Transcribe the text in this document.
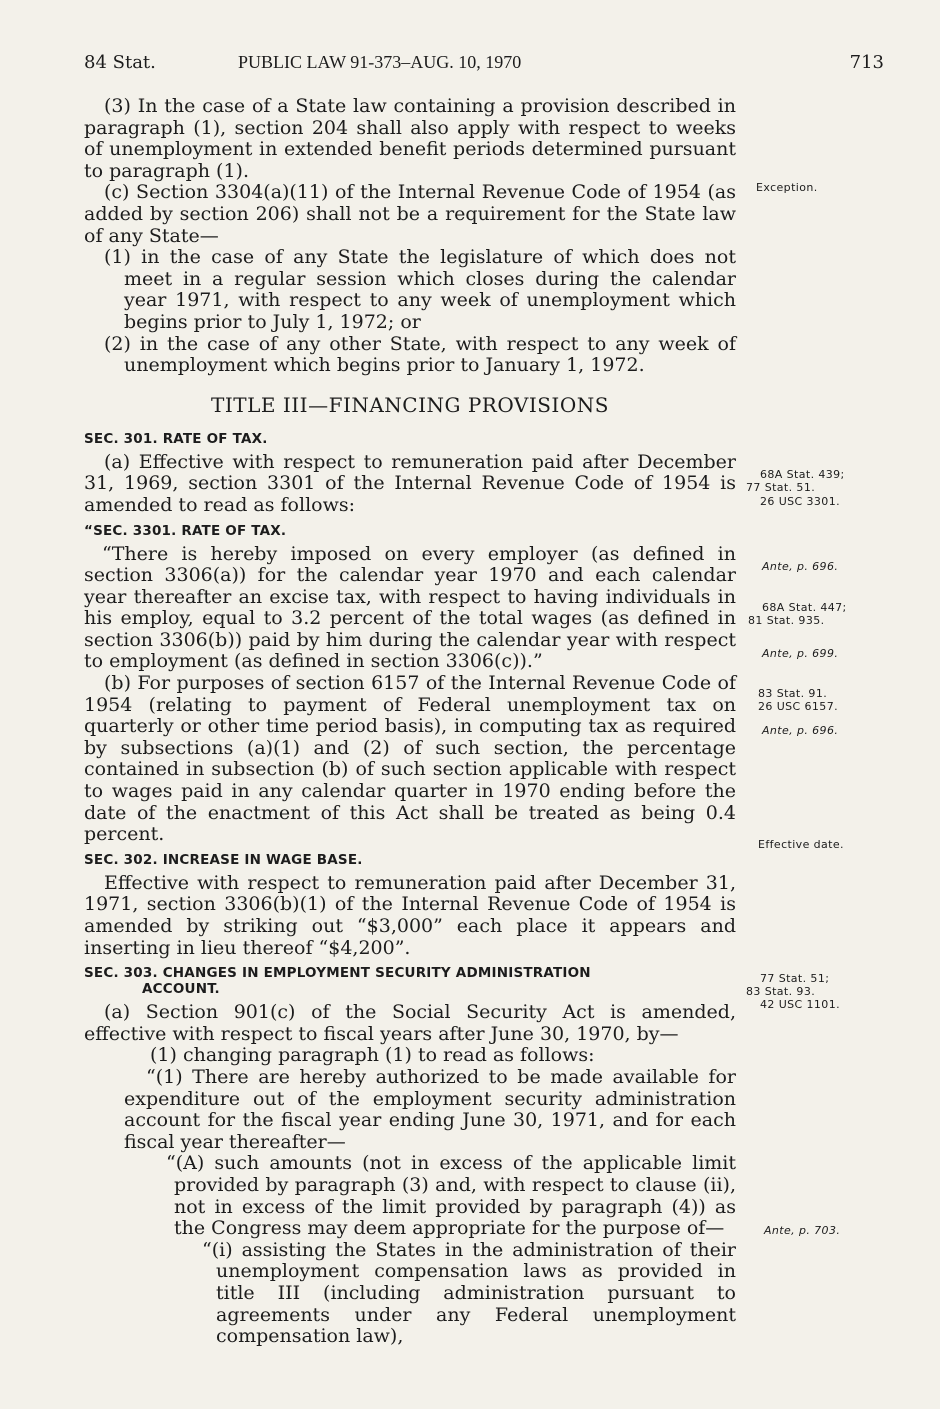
84 Stat.	PUBLIC LAW 91-373–AUG. 10, 1970	713

(3) In the case of a State law containing a provision described in paragraph (1), section 204 shall also apply with respect to weeks of unemployment in extended benefit periods determined pursuant to paragraph (1).

(c) Section 3304(a)(11) of the Internal Revenue Code of 1954 (as added by section 206) shall not be a requirement for the State law of any State—

(1) in the case of any State the legislature of which does not meet in a regular session which closes during the calendar year 1971, with respect to any week of unemployment which begins prior to July 1, 1972; or

(2) in the case of any other State, with respect to any week of unemployment which begins prior to January 1, 1972.

TITLE III—FINANCING PROVISIONS
SEC. 301. RATE OF TAX.

(a) Effective with respect to remuneration paid after December 31, 1969, section 3301 of the Internal Revenue Code of 1954 is amended to read as follows:

“SEC. 3301. RATE OF TAX.

“There is hereby imposed on every employer (as defined in section 3306(a)) for the calendar year 1970 and each calendar year thereafter an excise tax, with respect to having individuals in his employ, equal to 3.2 percent of the total wages (as defined in section 3306(b)) paid by him during the calendar year with respect to employment (as defined in section 3306(c)).”

(b) For purposes of section 6157 of the Internal Revenue Code of 1954 (relating to payment of Federal unemployment tax on quarterly or other time period basis), in computing tax as required by subsections (a)(1) and (2) of such section, the percentage contained in subsection (b) of such section applicable with respect to wages paid in any calendar quarter in 1970 ending before the date of the enactment of this Act shall be treated as being 0.4 percent.

SEC. 302. INCREASE IN WAGE BASE.

Effective with respect to remuneration paid after December 31, 1971, section 3306(b)(1) of the Internal Revenue Code of 1954 is amended by striking out “$3,000” each place it appears and inserting in lieu thereof “$4,200”.

SEC. 303. CHANGES IN EMPLOYMENT SECURITY ADMINISTRATION
ACCOUNT.

(a) Section 901(c) of the Social Security Act is amended, effective with respect to fiscal years after June 30, 1970, by—

(1) changing paragraph (1) to read as follows:

“(1) There are hereby authorized to be made available for expenditure out of the employment security administration account for the fiscal year ending June 30, 1971, and for each fiscal year thereafter—

“(A) such amounts (not in excess of the applicable limit provided by paragraph (3) and, with respect to clause (ii), not in excess of the limit provided by paragraph (4)) as the Congress may deem appropriate for the purpose of—

“(i) assisting the States in the administration of their unemployment compensation laws as provided in title III (including administration pursuant to agreements under any Federal unemployment compensation law),

Exception.
68A Stat. 439;
77 Stat. 51.
26 USC 3301.
Ante, p. 696.
68A Stat. 447;
81 Stat. 935.
Ante, p. 699.
83 Stat. 91.
26 USC 6157.
Ante, p. 696.
Effective date.
77 Stat. 51;
83 Stat. 93.
42 USC 1101.
Ante, p. 703.
